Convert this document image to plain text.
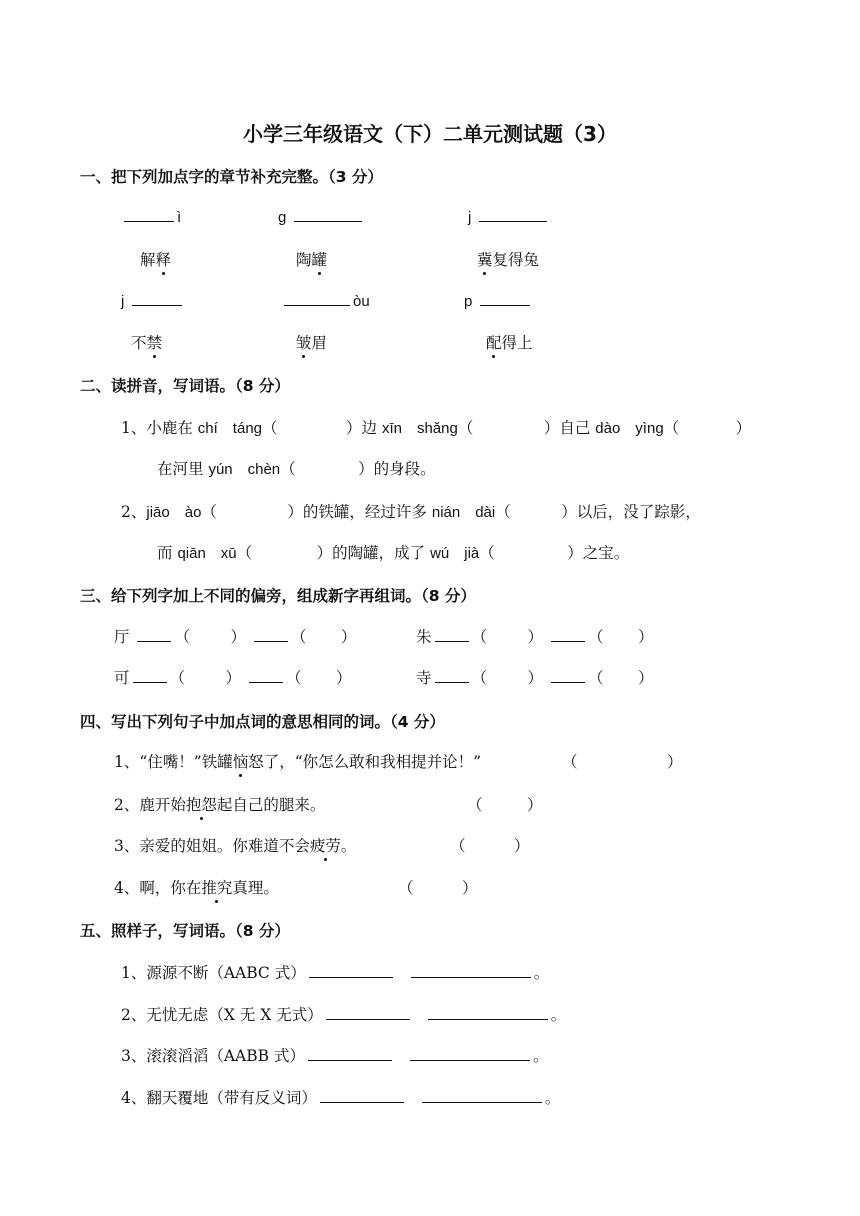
小学三年级语文（下）二单元测试题（3）
一、把下列加点字的章节补充完整。（3 分）
ì	g	j
解释	陶罐	冀复得兔
j	òu	p
不禁	皱眉	配得上
二、读拼音，写词语。（8 分）
1、小鹿在 chí　táng（	）边 xīn　shǎng（	）自己 dào　yìng（	）
在河里 yún　chèn（	）的身段。
2、jiāo　ào（	）的铁罐，经过许多 nián　dài（	）以后，没了踪影，
而 qiān　xū（	）的陶罐，成了 wú　jià（	）之宝。
三、给下列字加上不同的偏旁，组成新字再组词。（8 分）
厅	（	）	（ ）	朱	（	）	（ ）
可	（	）	（ ）	寺	（	）	（ ）
四、写出下列句子中加点词的意思相同的词。（4 分）
1、“住嘴！”铁罐恼怒了，“你怎么敢和我相提并论！”	（	）
2、鹿开始抱怨起自己的腿来。	（	）
3、亲爱的姐姐。你难道不会疲劳。	（	）
4、啊，你在推究真理。	（	）
五、照样子，写词语。（8 分）
1、源源不断（AABC 式）	。
2、无忧无虑（X 无 X 无式）	。
3、滚滚滔滔（AABB 式）	。
4、翻天覆地（带有反义词）	。
